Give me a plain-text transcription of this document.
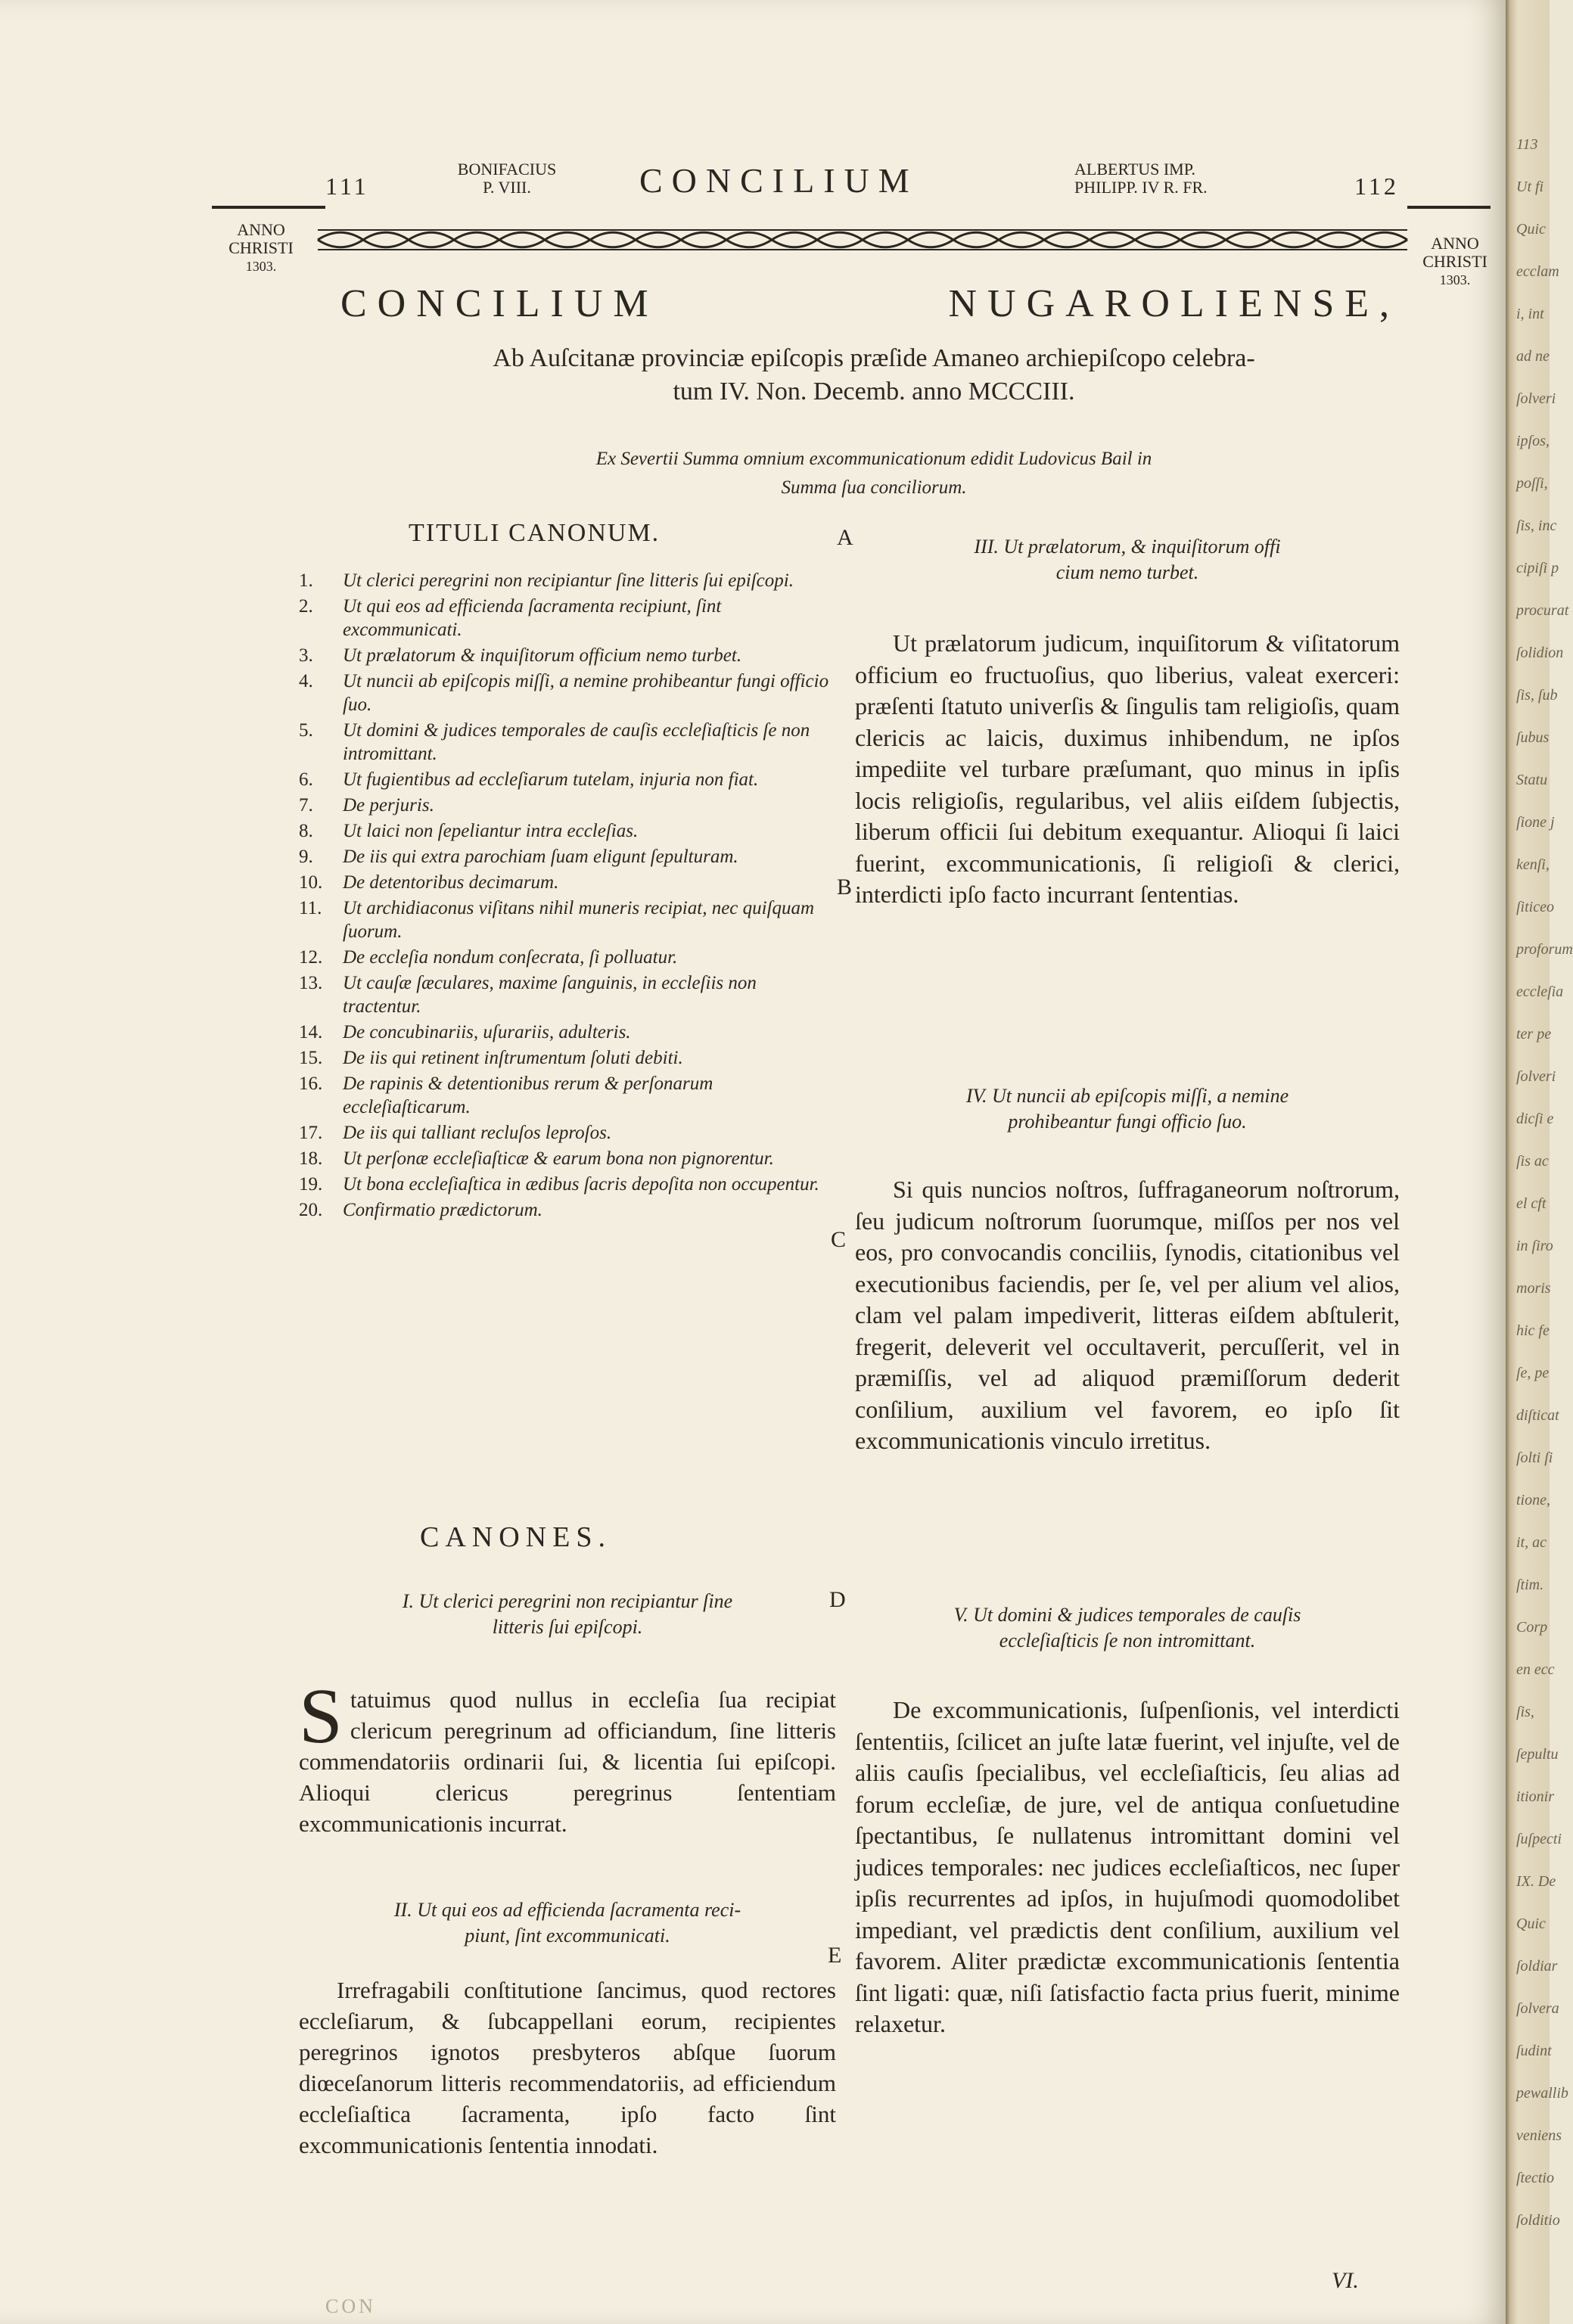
111
BONIFACIUS
P. VIII.	CONCILIUM	ALBERTUS IMP.
PHILIPP. IV R. FR.	112
ANNO
CHRISTI
1303.
ANNO
CHRISTI
1303.
CONCILIUM	NUGAROLIENSE,
Ab Auſcitanæ provinciæ epiſcopis præſide Amaneo archiepiſcopo celebra-
tum IV. Non. Decemb. anno MCCCIII.
Ex Severtii Summa omnium excommunicationum edidit Ludovicus Bail in
Summa ſua conciliorum.
TITULI CANONUM.
1.	Ut clerici peregrini non recipiantur ſine litteris ſui epiſcopi.
2.	Ut qui eos ad efficienda ſacramenta recipiunt, ſint excommunicati.
3.	Ut prælatorum & inquiſitorum officium nemo turbet.
4.	Ut nuncii ab epiſcopis miſſi, a nemine prohibeantur fungi officio ſuo.
5.	Ut domini & judices temporales de cauſis eccleſiaſticis ſe non intromittant.
6.	Ut fugientibus ad eccleſiarum tutelam, injuria non fiat.
7.	De perjuris.
8.	Ut laici non ſepeliantur intra eccleſias.
9.	De iis qui extra parochiam ſuam eligunt ſepulturam.
10.	De detentoribus decimarum.
11.	Ut archidiaconus viſitans nihil muneris recipiat, nec quiſquam ſuorum.
12.	De eccleſia nondum conſecrata, ſi polluatur.
13.	Ut cauſæ ſæculares, maxime ſanguinis, in eccleſiis non tractentur.
14.	De concubinariis, uſurariis, adulteris.
15.	De iis qui retinent inſtrumentum ſoluti debiti.
16.	De rapinis & detentionibus rerum & perſonarum eccleſiaſticarum.
17.	De iis qui talliant recluſos leproſos.
18.	Ut perſonæ eccleſiaſticæ & earum bona non pignorentur.
19.	Ut bona eccleſiaſtica in ædibus ſacris depoſita non occupentur.
20.	Confirmatio prædictorum.
A
B
C
D
E
CANONES.
I. Ut clerici peregrini non recipiantur ſine
litteris ſui epiſcopi.
Statuimus quod nullus in eccleſia ſua recipiat clericum peregrinum ad officiandum, ſine litteris commendatoriis ordinarii ſui, & licentia ſui epiſcopi. Alioqui clericus peregrinus ſententiam excommunicationis incurrat.
II. Ut qui eos ad efficienda ſacramenta reci-
piunt, ſint excommunicati.
Irrefragabili conſtitutione ſancimus, quod rectores eccleſiarum, & ſubcappellani eorum, recipientes peregrinos ignotos presbyteros abſque ſuorum diœceſanorum litteris recommendatoriis, ad efficiendum eccleſiaſtica ſacramenta, ipſo facto ſint excommunicationis ſententia innodati.
III. Ut prælatorum, & inquiſitorum offi
cium nemo turbet.
Ut prælatorum judicum, inquiſitorum & viſitatorum officium eo fructuoſius, quo liberius, valeat exerceri: præſenti ſtatuto univerſis & ſingulis tam religioſis, quam clericis ac laicis, duximus inhibendum, ne ipſos impediite vel turbare præſumant, quo minus in ipſis locis religioſis, regularibus, vel aliis eiſdem ſubjectis, liberum officii ſui debitum exequantur. Alioqui ſi laici fuerint, excommunicationis, ſi religioſi & clerici, interdicti ipſo facto incurrant ſententias.
IV. Ut nuncii ab epiſcopis miſſi, a nemine
prohibeantur fungi officio ſuo.
Si quis nuncios noſtros, ſuffraganeorum noſtrorum, ſeu judicum noſtrorum ſuorumque, miſſos per nos vel eos, pro convocandis conciliis, ſynodis, citationibus vel executionibus faciendis, per ſe, vel per alium vel alios, clam vel palam impediverit, litteras eiſdem abſtulerit, fregerit, deleverit vel occultaverit, percuſſerit, vel in præmiſſis, vel ad aliquod præmiſſorum dederit conſilium, auxilium vel favorem, eo ipſo ſit excommunicationis vinculo irretitus.
V. Ut domini & judices temporales de cauſis
eccleſiaſticis ſe non intromittant.
De excommunicationis, ſuſpenſionis, vel interdicti ſententiis, ſcilicet an juſte latæ fuerint, vel injuſte, vel de aliis cauſis ſpecialibus, vel eccleſiaſticis, ſeu alias ad forum eccleſiæ, de jure, vel de antiqua conſuetudine ſpectantibus, ſe nullatenus intromittant domini vel judices temporales: nec judices eccleſiaſticos, nec ſuper ipſis recurrentes ad ipſos, in hujuſmodi quomodolibet impediant, vel prædictis dent conſilium, auxilium vel favorem. Aliter prædictæ excommunicationis ſententia ſint ligati: quæ, niſi ſatisfactio facta prius fuerit, minime relaxetur.
VI.
CON
113
Ut fi
Quic
ecclam
i, int
ad ne
ſolveri
ipſos,
poſſi,
ſis, inc
cipiſi p
procurat
ſolidion
ſis, ſub
ſubus
Statu
ſione j
kenſi,
ſiticeo
proforum
eccleſia
ter pe
ſolveri
dicſi e
ſis ac
el cft
in ſiro
moris
hic fe
ſe, pe
diſticat
ſolti ſi
tione,
it, ac
ſtim.
Corp
en ecc
ſis,
ſepultu
itionir
ſuſpecti
IX. De
Quic
ſoldiar
ſolvera
ſudint
pewallib
veniens
ſtectio
ſolditio
